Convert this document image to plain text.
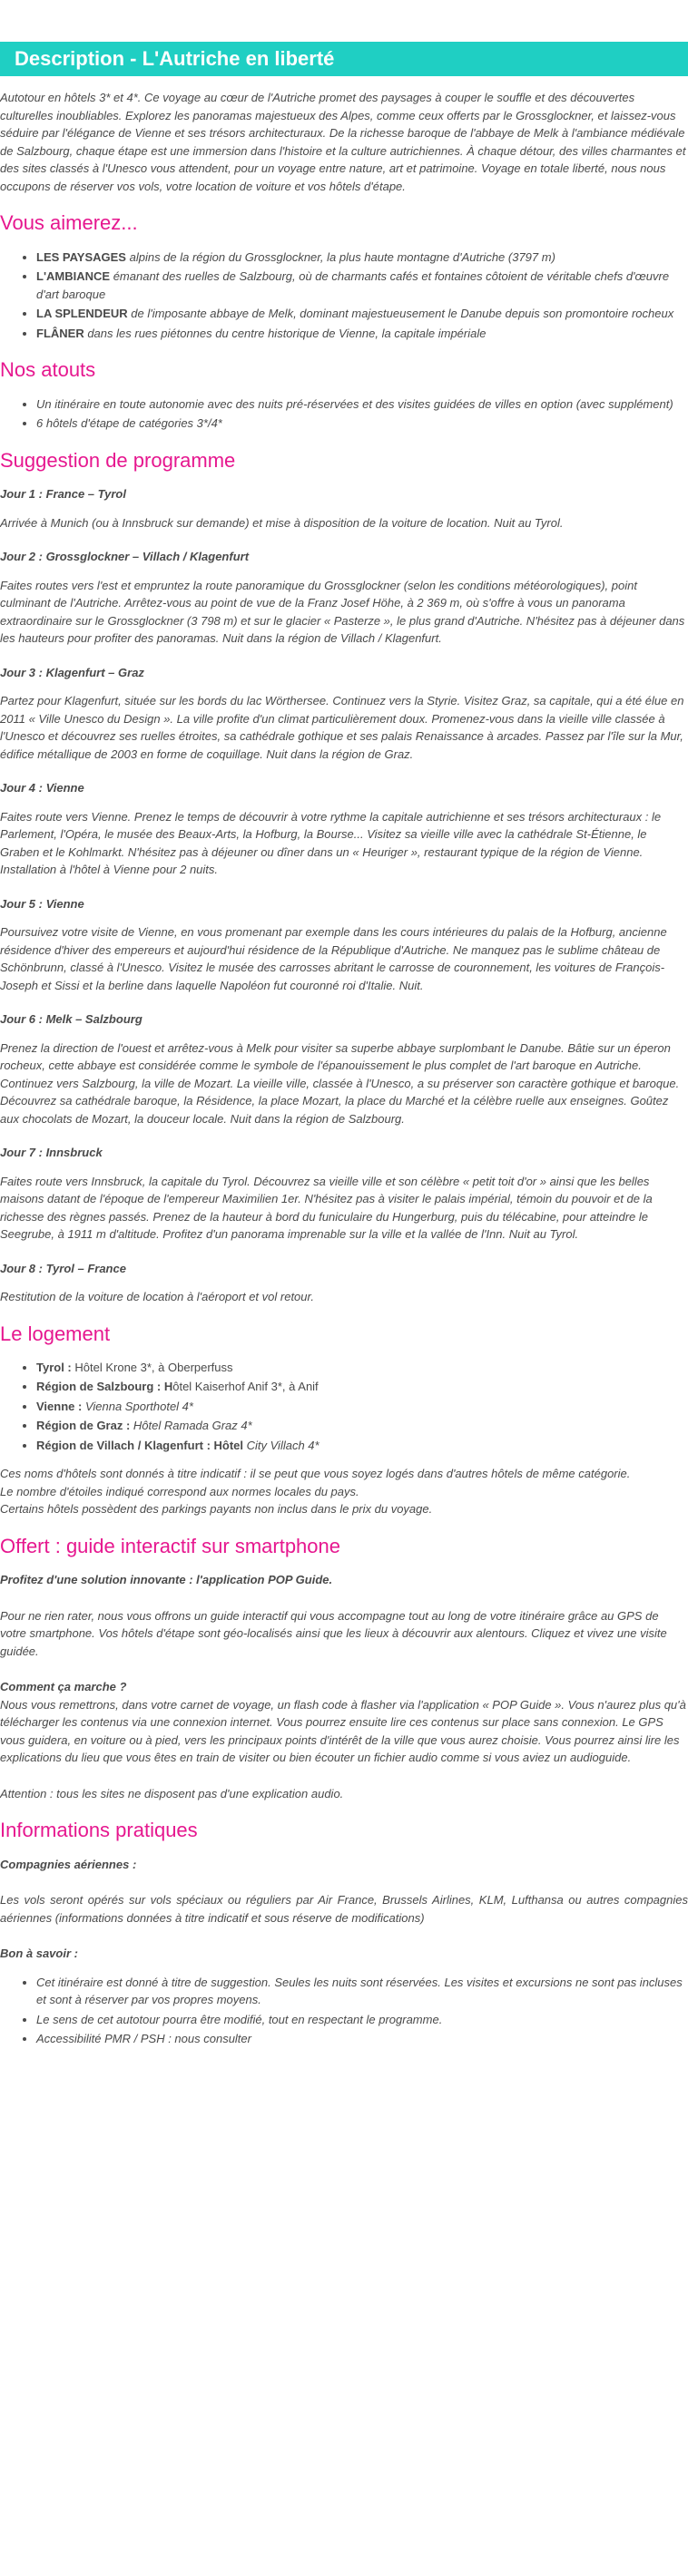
Description - L'Autriche en liberté

Autotour en hôtels 3* et 4*. Ce voyage au cœur de l'Autriche promet des paysages à couper le souffle et des découvertes culturelles inoubliables. Explorez les panoramas majestueux des Alpes, comme ceux offerts par le Grossglockner, et laissez-vous séduire par l'élégance de Vienne et ses trésors architecturaux. De la richesse baroque de l'abbaye de Melk à l'ambiance médiévale de Salzbourg, chaque étape est une immersion dans l'histoire et la culture autrichiennes. À chaque détour, des villes charmantes et des sites classés à l'Unesco vous attendent, pour un voyage entre nature, art et patrimoine. Voyage en totale liberté, nous nous occupons de réserver vos vols, votre location de voiture et vos hôtels d'étape.

Vous aimerez...
• LES PAYSAGES alpins de la région du Grossglockner, la plus haute montagne d'Autriche (3797 m)
• L'AMBIANCE émanant des ruelles de Salzbourg, où de charmants cafés et fontaines côtoient de véritable chefs d'œuvre d'art baroque
• LA SPLENDEUR de l'imposante abbaye de Melk, dominant majestueusement le Danube depuis son promontoire rocheux
• FLÂNER dans les rues piétonnes du centre historique de Vienne, la capitale impériale
Nos atouts
• Un itinéraire en toute autonomie avec des nuits pré-réservées et des visites guidées de villes en option (avec supplément)
• 6 hôtels d'étape de catégories 3*/4*
Suggestion de programme
Jour 1 : France – Tyrol
Arrivée à Munich (ou à Innsbruck sur demande) et mise à disposition de la voiture de location. Nuit au Tyrol.
Jour 2 : Grossglockner – Villach / Klagenfurt
Faites routes vers l'est et empruntez la route panoramique du Grossglockner (selon les conditions météorologiques), point culminant de l'Autriche. Arrêtez-vous au point de vue de la Franz Josef Höhe, à 2 369 m, où s'offre à vous un panorama extraordinaire sur le Grossglockner (3 798 m) et sur le glacier « Pasterze », le plus grand d'Autriche. N'hésitez pas à déjeuner dans les hauteurs pour profiter des panoramas. Nuit dans la région de Villach / Klagenfurt.
Jour 3 : Klagenfurt – Graz
Partez pour Klagenfurt, située sur les bords du lac Wörthersee. Continuez vers la Styrie. Visitez Graz, sa capitale, qui a été élue en 2011 « Ville Unesco du Design ». La ville profite d'un climat particulièrement doux. Promenez-vous dans la vieille ville classée à l'Unesco et découvrez ses ruelles étroites, sa cathédrale gothique et ses palais Renaissance à arcades. Passez par l'île sur la Mur, édifice métallique de 2003 en forme de coquillage. Nuit dans la région de Graz.
Jour 4 : Vienne
Faites route vers Vienne. Prenez le temps de découvrir à votre rythme la capitale autrichienne et ses trésors architecturaux : le Parlement, l'Opéra, le musée des Beaux-Arts, la Hofburg, la Bourse... Visitez sa vieille ville avec la cathédrale St-Étienne, le Graben et le Kohlmarkt. N'hésitez pas à déjeuner ou dîner dans un « Heuriger », restaurant typique de la région de Vienne. Installation à l'hôtel à Vienne pour 2 nuits.
Jour 5 : Vienne
Poursuivez votre visite de Vienne, en vous promenant par exemple dans les cours intérieures du palais de la Hofburg, ancienne résidence d'hiver des empereurs et aujourd'hui résidence de la République d'Autriche. Ne manquez pas le sublime château de Schönbrunn, classé à l'Unesco. Visitez le musée des carrosses abritant le carrosse de couronnement, les voitures de François-Joseph et Sissi et la berline dans laquelle Napoléon fut couronné roi d'Italie. Nuit.
Jour 6 : Melk – Salzbourg
Prenez la direction de l'ouest et arrêtez-vous à Melk pour visiter sa superbe abbaye surplombant le Danube. Bâtie sur un éperon rocheux, cette abbaye est considérée comme le symbole de l'épanouissement le plus complet de l'art baroque en Autriche. Continuez vers Salzbourg, la ville de Mozart. La vieille ville, classée à l'Unesco, a su préserver son caractère gothique et baroque. Découvrez sa cathédrale baroque, la Résidence, la place Mozart, la place du Marché et la célèbre ruelle aux enseignes. Goûtez aux chocolats de Mozart, la douceur locale. Nuit dans la région de Salzbourg.
Jour 7 : Innsbruck
Faites route vers Innsbruck, la capitale du Tyrol. Découvrez sa vieille ville et son célèbre « petit toit d'or » ainsi que les belles maisons datant de l'époque de l'empereur Maximilien 1er. N'hésitez pas à visiter le palais impérial, témoin du pouvoir et de la richesse des règnes passés. Prenez de la hauteur à bord du funiculaire du Hungerburg, puis du télécabine, pour atteindre le Seegrube, à 1911 m d'altitude. Profitez d'un panorama imprenable sur la ville et la vallée de l'Inn. Nuit au Tyrol.
Jour 8 : Tyrol – France
Restitution de la voiture de location à l'aéroport et vol retour.
Le logement
• Tyrol : Hôtel Krone 3*, à Oberperfuss
• Région de Salzbourg : Hôtel Kaiserhof Anif 3*, à Anif
• Vienne : Vienna Sporthotel 4*
• Région de Graz : Hôtel Ramada Graz 4*
• Région de Villach / Klagenfurt : Hôtel City Villach 4*

Ces noms d'hôtels sont donnés à titre indicatif : il se peut que vous soyez logés dans d'autres hôtels de même catégorie.

Le nombre d'étoiles indiqué correspond aux normes locales du pays.

Certains hôtels possèdent des parkings payants non inclus dans le prix du voyage.

Offert : guide interactif sur smartphone

Profitez d'une solution innovante : l'application POP Guide.

Pour ne rien rater, nous vous offrons un guide interactif qui vous accompagne tout au long de votre itinéraire grâce au GPS de votre smartphone. Vos hôtels d'étape sont géo-localisés ainsi que les lieux à découvrir aux alentours. Cliquez et vivez une visite guidée.

Comment ça marche ?

Nous vous remettrons, dans votre carnet de voyage, un flash code à flasher via l'application « POP Guide ». Vous n'aurez plus qu'à télécharger les contenus via une connexion internet. Vous pourrez ensuite lire ces contenus sur place sans connexion. Le GPS vous guidera, en voiture ou à pied, vers les principaux points d'intérêt de la ville que vous aurez choisie. Vous pourrez ainsi lire les explications du lieu que vous êtes en train de visiter ou bien écouter un fichier audio comme si vous aviez un audioguide.

Attention : tous les sites ne disposent pas d'une explication audio.

Informations pratiques

Compagnies aériennes :

Les vols seront opérés sur vols spéciaux ou réguliers par Air France, Brussels Airlines, KLM, Lufthansa ou autres compagnies aériennes (informations données à titre indicatif et sous réserve de modifications)

Bon à savoir :

• Cet itinéraire est donné à titre de suggestion. Seules les nuits sont réservées. Les visites et excursions ne sont pas incluses et sont à réserver par vos propres moyens.
• Le sens de cet autotour pourra être modifié, tout en respectant le programme.
• Accessibilité PMR / PSH : nous consulter
